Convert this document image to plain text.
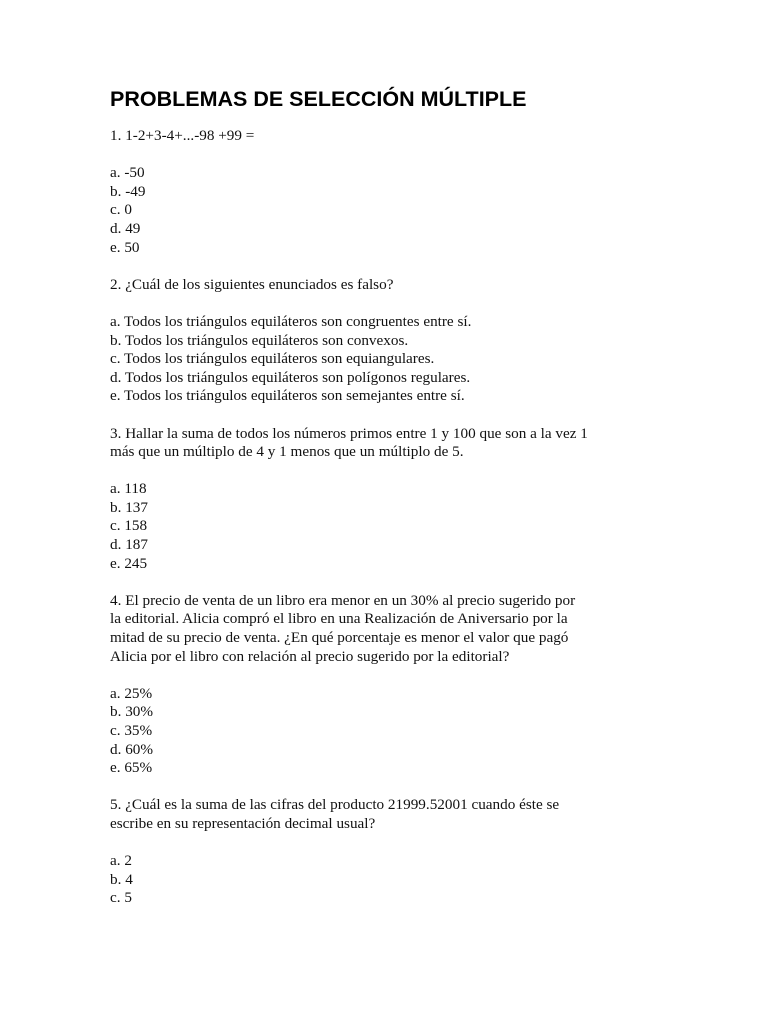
PROBLEMAS DE SELECCIÓN MÚLTIPLE

1. 1-2+3-4+...-98 +99 =

a. -50
b. -49
c. 0
d. 49
e. 50

2. ¿Cuál de los siguientes enunciados es falso?

a. Todos los triángulos equiláteros son congruentes entre sí.
b. Todos los triángulos equiláteros son convexos.
c. Todos los triángulos equiláteros son equiangulares.
d. Todos los triángulos equiláteros son polígonos regulares.
e. Todos los triángulos equiláteros son semejantes entre sí.

3. Hallar la suma de todos los números primos entre 1 y 100 que son a la vez 1

más que un múltiplo de 4 y 1 menos que un múltiplo de 5.

a. 118
b. 137
c. 158
d. 187
e. 245

4. El precio de venta de un libro era menor en un 30% al precio sugerido por

la editorial. Alicia compró el libro en una Realización de Aniversario por la

mitad de su precio de venta. ¿En qué porcentaje es menor el valor que pagó

Alicia por el libro con relación al precio sugerido por la editorial?

a. 25%
b. 30%
c. 35%
d. 60%
e. 65%

5. ¿Cuál es la suma de las cifras del producto 21999.52001 cuando éste se

escribe en su representación decimal usual?

a. 2
b. 4
c. 5
